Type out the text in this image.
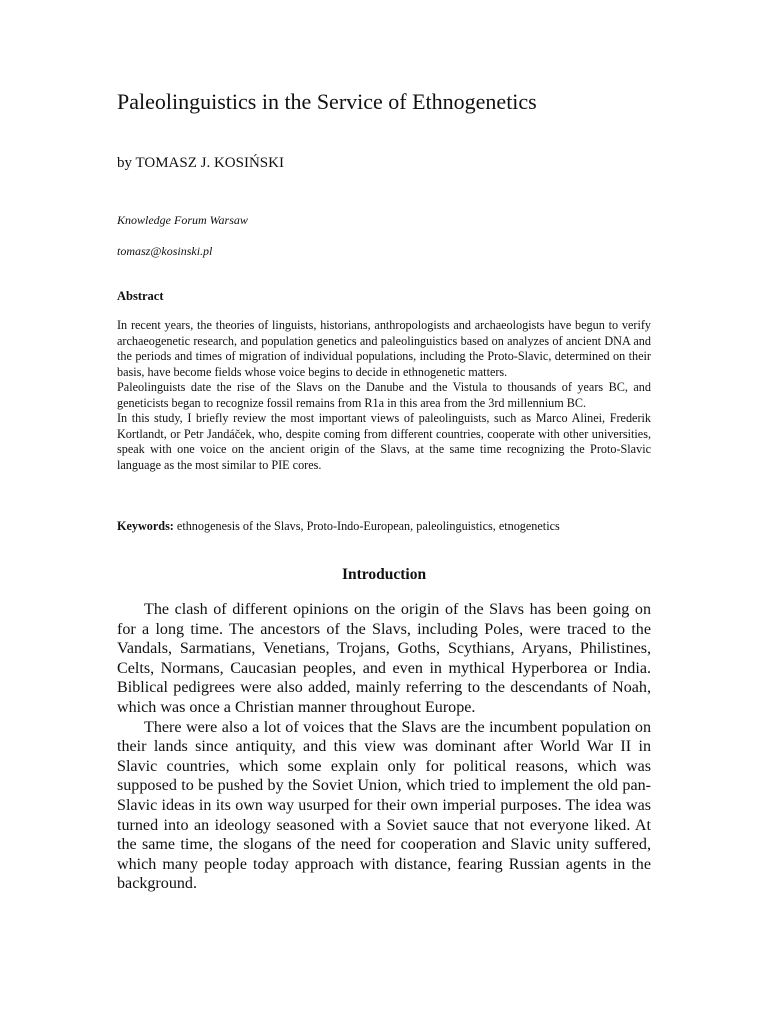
Paleolinguistics in the Service of Ethnogenetics
by TOMASZ J. KOSIŃSKI
Knowledge Forum Warsaw
tomasz@kosinski.pl
Abstract

In recent years, the theories of linguists, historians, anthropologists and archaeologists have begun to verify archaeogenetic research, and population genetics and paleolinguistics based on analyzes of ancient DNA and the periods and times of migration of individual populations, including the Proto-Slavic, determined on their basis, have become fields whose voice begins to decide in ethnogenetic matters.

Paleolinguists date the rise of the Slavs on the Danube and the Vistula to thousands of years BC, and geneticists began to recognize fossil remains from R1a in this area from the 3rd millennium BC.

In this study, I briefly review the most important views of paleolinguists, such as Marco Alinei, Frederik Kortlandt, or Petr Jandáček, who, despite coming from different countries, cooperate with other universities, speak with one voice on the ancient origin of the Slavs, at the same time recognizing the Proto-Slavic language as the most similar to PIE cores.

Keywords: ethnogenesis of the Slavs, Proto-Indo-European, paleolinguistics, etnogenetics
Introduction

The clash of different opinions on the origin of the Slavs has been going on for a long time. The ancestors of the Slavs, including Poles, were traced to the Vandals, Sarmatians, Venetians, Trojans, Goths, Scythians, Aryans, Philistines, Celts, Normans, Caucasian peoples, and even in mythical Hyperborea or India. Biblical pedigrees were also added, mainly referring to the descendants of Noah, which was once a Christian manner throughout Europe.

There were also a lot of voices that the Slavs are the incumbent population on their lands since antiquity, and this view was dominant after World War II in Slavic countries, which some explain only for political reasons, which was supposed to be pushed by the Soviet Union, which tried to implement the old pan-Slavic ideas in its own way usurped for their own imperial purposes. The idea was turned into an ideology seasoned with a Soviet sauce that not everyone liked. At the same time, the slogans of the need for cooperation and Slavic unity suffered, which many people today approach with distance, fearing Russian agents in the background.
